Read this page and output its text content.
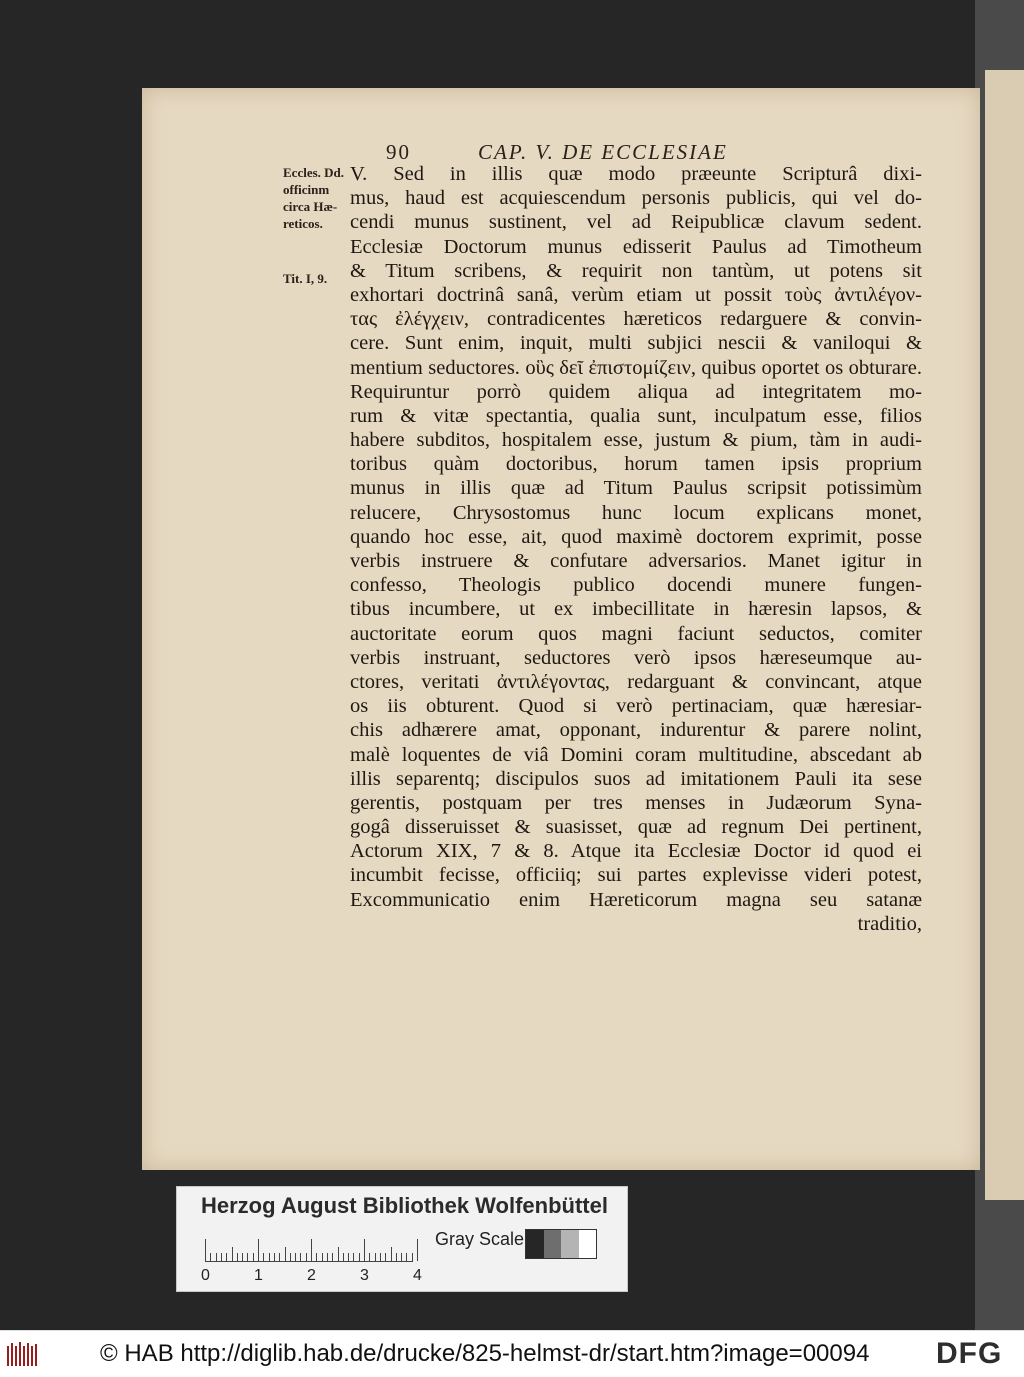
90	CAP. V. DE ECCLESIAE
Eccles. Dd.
officinm
circa Hæ-
reticos.
Tit. I, 9.
V. Sed in illis quæ modo præeunte Scripturâ dixi-
mus, haud est acquiescendum personis publicis, qui vel do-
cendi munus sustinent, vel ad Reipublicæ clavum sedent.
Ecclesiæ Doctorum munus edisserit Paulus ad Timotheum
& Titum scribens, & requirit non tantùm, ut potens sit
exhortari doctrinâ sanâ, verùm etiam ut possit τοὺς ἀντιλέγον-
τας ἐλέγχειν, contradicentes hæreticos redarguere & convin-
cere. Sunt enim, inquit, multi subjici nescii & vaniloqui &
mentium seductores. οὓς δεῖ ἐπιστομίζειν, quibus oportet os obturare.
Requiruntur porrò quidem aliqua ad integritatem mo-
rum & vitæ spectantia, qualia sunt, inculpatum esse, filios
habere subditos, hospitalem esse, justum & pium, tàm in audi-
toribus quàm doctoribus, horum tamen ipsis proprium
munus in illis quæ ad Titum Paulus scripsit potissimùm
relucere, Chrysostomus hunc locum explicans monet,
quando hoc esse, ait, quod maximè doctorem exprimit, posse
verbis instruere & confutare adversarios. Manet igitur in
confesso, Theologis publico docendi munere fungen-
tibus incumbere, ut ex imbecillitate in hæresin lapsos, &
auctoritate eorum quos magni faciunt seductos, comiter
verbis instruant, seductores verò ipsos hæreseumque au-
ctores, veritati ἀντιλέγοντας, redarguant & convincant, atque
os iis obturent. Quod si verò pertinaciam, quæ hæresiar-
chis adhærere amat, opponant, indurentur & parere nolint,
malè loquentes de viâ Domini coram multitudine, abscedant ab
illis separentq; discipulos suos ad imitationem Pauli ita sese
gerentis, postquam per tres menses in Judæorum Syna-
gogâ disseruisset & suasisset, quæ ad regnum Dei pertinent,
Actorum XIX, 7 & 8. Atque ita Ecclesiæ Doctor id quod ei
incumbit fecisse, officiiq; sui partes explevisse videri potest,
Excommunicatio enim Hæreticorum magna seu satanæ
traditio,
Herzog August Bibliothek Wolfenbüttel
0	1	2	3	4
Gray Scale
© HAB http://diglib.hab.de/drucke/825-helmst-dr/start.htm?image=00094 DFG
